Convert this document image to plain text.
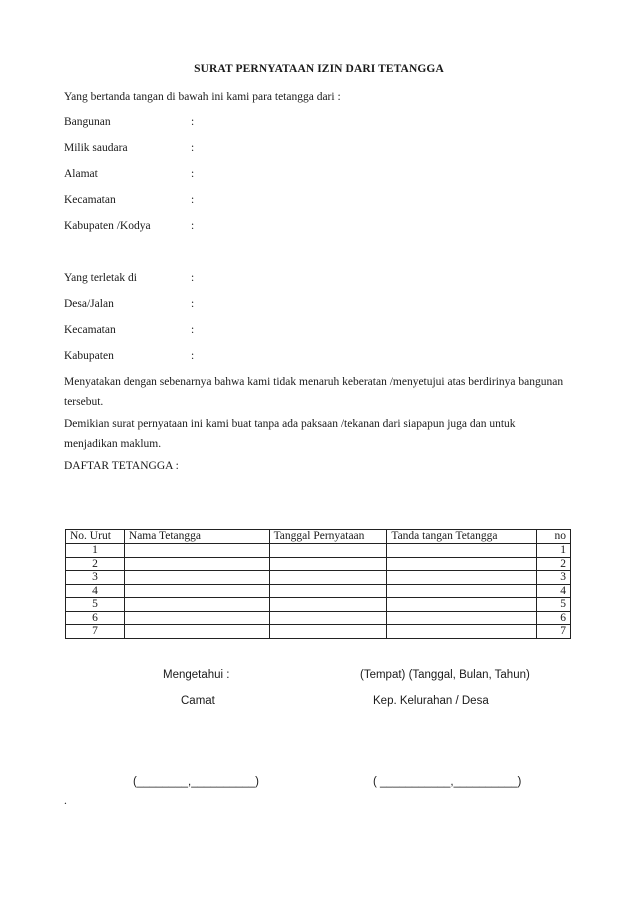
SURAT PERNYATAAN IZIN DARI TETANGGA
Yang bertanda tangan di bawah ini kami para tetangga dari :
Bangunan	:
Milik saudara	:
Alamat	:
Kecamatan	:
Kabupaten /Kodya	:
Yang terletak di	:
Desa/Jalan	:
Kecamatan	:
Kabupaten	:
Menyatakan dengan sebenarnya bahwa kami tidak menaruh keberatan /menyetujui atas berdirinya bangunan tersebut.
Demikian surat pernyataan ini kami buat tanpa ada paksaan /tekanan dari siapapun juga dan untuk menjadikan maklum.
DAFTAR TETANGGA :
No. Urut	Nama Tetangga	Tanggal Pernyataan	Tanda tangan Tetangga	no
1				1
2				2
3				3
4				4
5				5
6				6
7				7
Mengetahui :	(Tempat) (Tanggal, Bulan, Tahun)
Camat	Kep. Kelurahan / Desa
(________,__________)	( ___________,__________)
.
